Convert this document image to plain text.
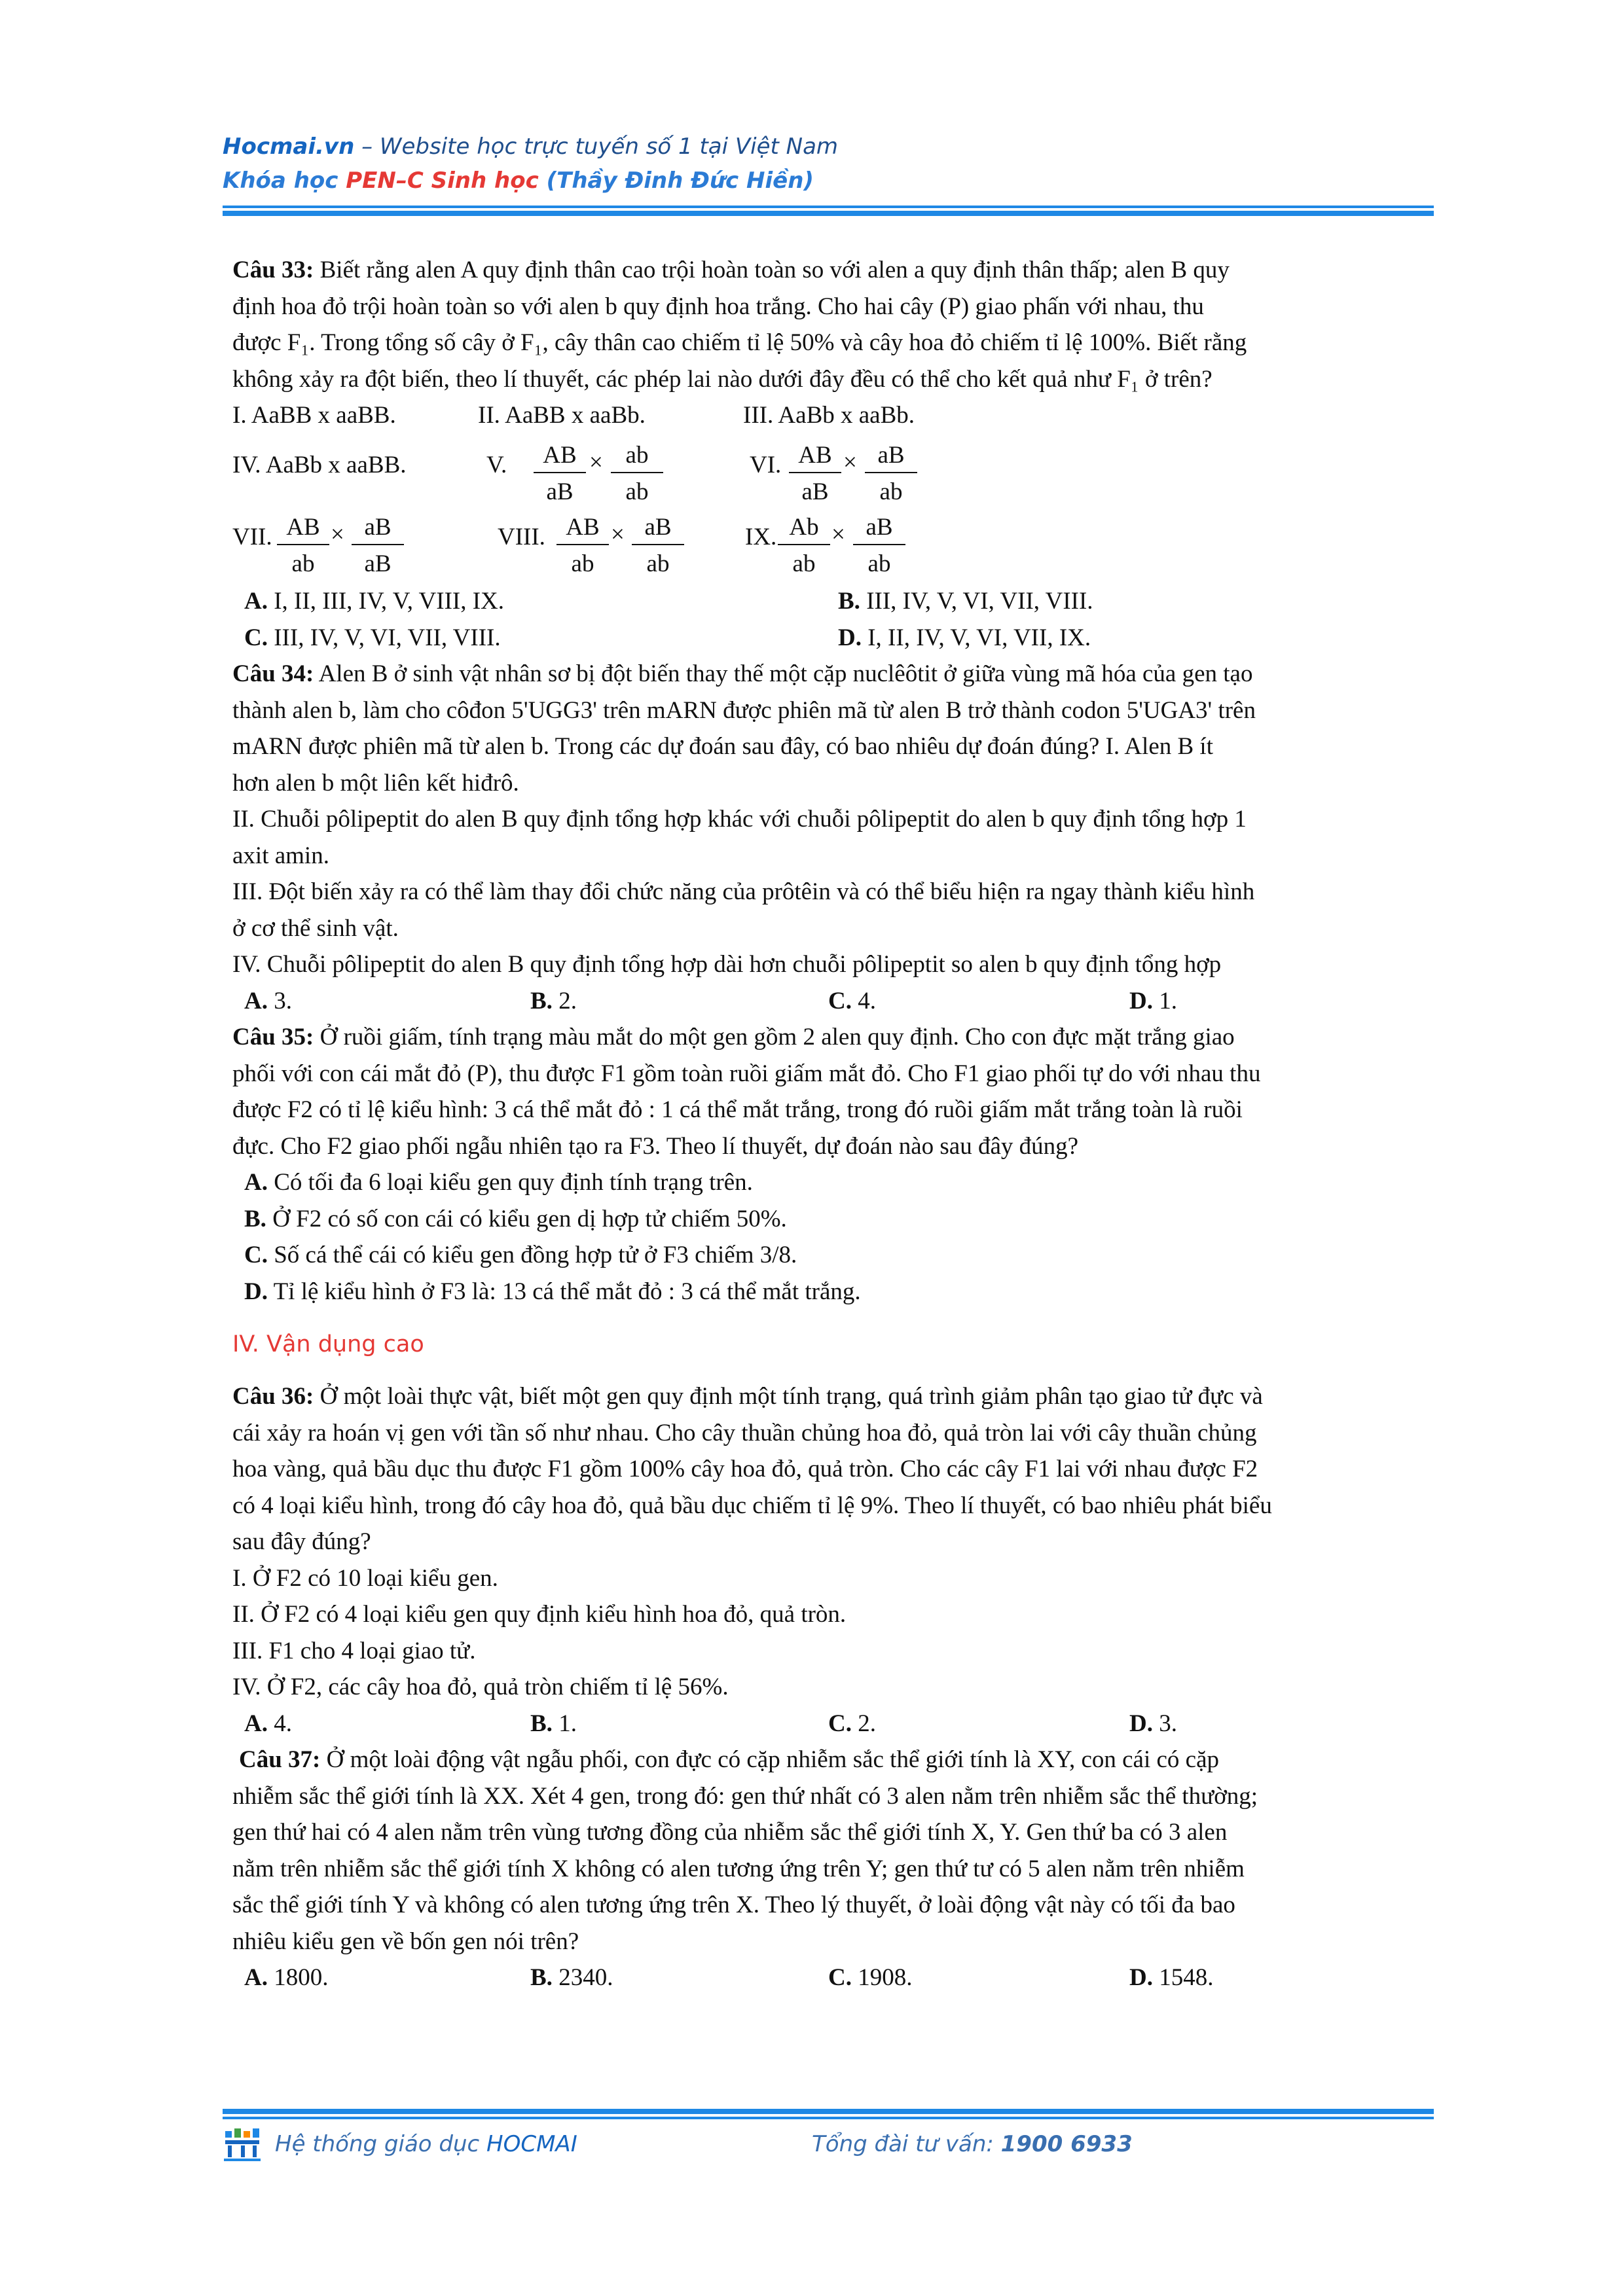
Hocmai.vn – Website học trực tuyến số 1 tại Việt Nam
Khóa học PEN–C Sinh học (Thầy Đinh Đức Hiền)
Câu 33: Biết rằng alen A quy định thân cao trội hoàn toàn so với alen a quy định thân thấp; alen B quy
định hoa đỏ trội hoàn toàn so với alen b quy định hoa trắng. Cho hai cây (P) giao phấn với nhau, thu
được F₁. Trong tổng số cây ở F₁, cây thân cao chiếm tỉ lệ 50% và cây hoa đỏ chiếm tỉ lệ 100%. Biết rằng
không xảy ra đột biến, theo lí thuyết, các phép lai nào dưới đây đều có thể cho kết quả như F₁ ở trên?
I. AaBB x aaBB.	II. AaBB x aaBb.	III. AaBb x aaBb.
IV. AaBb x aaBB.	V. $\frac{AB}{aB} \times \frac{ab}{ab}$	VI. $\frac{AB}{aB} \times \frac{aB}{ab}$
VII. $\frac{AB}{ab} \times \frac{aB}{aB}$	VIII. $\frac{AB}{ab} \times \frac{aB}{ab}$	IX. $\frac{Ab}{ab} \times \frac{aB}{ab}$
A. I, II, III, IV, V, VIII, IX.	B. III, IV, V, VI, VII, VIII.
C. III, IV, V, VI, VII, VIII.	D. I, II, IV, V, VI, VII, IX.
Câu 34: Alen B ở sinh vật nhân sơ bị đột biến thay thế một cặp nuclêôtit ở giữa vùng mã hóa của gen tạo
thành alen b, làm cho côđon 5'UGG3' trên mARN được phiên mã từ alen B trở thành codon 5'UGA3' trên
mARN được phiên mã từ alen b. Trong các dự đoán sau đây, có bao nhiêu dự đoán đúng? I. Alen B ít
hơn alen b một liên kết hiđrô.
II. Chuỗi pôlipeptit do alen B quy định tổng hợp khác với chuỗi pôlipeptit do alen b quy định tổng hợp 1
axit amin.
III. Đột biến xảy ra có thể làm thay đổi chức năng của prôtêin và có thể biểu hiện ra ngay thành kiểu hình
ở cơ thể sinh vật.
IV. Chuỗi pôlipeptit do alen B quy định tổng hợp dài hơn chuỗi pôlipeptit so alen b quy định tổng hợp
A. 3.	B. 2.	C. 4.	D. 1.
Câu 35: Ở ruồi giấm, tính trạng màu mắt do một gen gồm 2 alen quy định. Cho con đực mặt trắng giao
phối với con cái mắt đỏ (P), thu được F1 gồm toàn ruồi giấm mắt đỏ. Cho F1 giao phối tự do với nhau thu
được F2 có tỉ lệ kiểu hình: 3 cá thể mắt đỏ : 1 cá thể mắt trắng, trong đó ruồi giấm mắt trắng toàn là ruồi
đực. Cho F2 giao phối ngẫu nhiên tạo ra F3. Theo lí thuyết, dự đoán nào sau đây đúng?
A. Có tối đa 6 loại kiểu gen quy định tính trạng trên.
B. Ở F2 có số con cái có kiểu gen dị hợp tử chiếm 50%.
C. Số cá thể cái có kiểu gen đồng hợp tử ở F3 chiếm 3/8.
D. Tỉ lệ kiểu hình ở F3 là: 13 cá thể mắt đỏ : 3 cá thể mắt trắng.
IV. Vận dụng cao
Câu 36: Ở một loài thực vật, biết một gen quy định một tính trạng, quá trình giảm phân tạo giao tử đực và
cái xảy ra hoán vị gen với tần số như nhau. Cho cây thuần chủng hoa đỏ, quả tròn lai với cây thuần chủng
hoa vàng, quả bầu dục thu được F1 gồm 100% cây hoa đỏ, quả tròn. Cho các cây F1 lai với nhau được F2
có 4 loại kiểu hình, trong đó cây hoa đỏ, quả bầu dục chiếm tỉ lệ 9%. Theo lí thuyết, có bao nhiêu phát biểu
sau đây đúng?
I. Ở F2 có 10 loại kiểu gen.
II. Ở F2 có 4 loại kiểu gen quy định kiểu hình hoa đỏ, quả tròn.
III. F1 cho 4 loại giao tử.
IV. Ở F2, các cây hoa đỏ, quả tròn chiếm tỉ lệ 56%.
A. 4.	B. 1.	C. 2.	D. 3.
Câu 37: Ở một loài động vật ngẫu phối, con đực có cặp nhiễm sắc thể giới tính là XY, con cái có cặp
nhiễm sắc thể giới tính là XX. Xét 4 gen, trong đó: gen thứ nhất có 3 alen nằm trên nhiễm sắc thể thường;
gen thứ hai có 4 alen nằm trên vùng tương đồng của nhiễm sắc thể giới tính X, Y. Gen thứ ba có 3 alen
nằm trên nhiễm sắc thể giới tính X không có alen tương ứng trên Y; gen thứ tư có 5 alen nằm trên nhiễm
sắc thể giới tính Y và không có alen tương ứng trên X. Theo lý thuyết, ở loài động vật này có tối đa bao
nhiêu kiểu gen về bốn gen nói trên?
A. 1800.	B. 2340.	C. 1908.	D. 1548.
Hệ thống giáo dục HOCMAI	Tổng đài tư vấn: 1900 6933
